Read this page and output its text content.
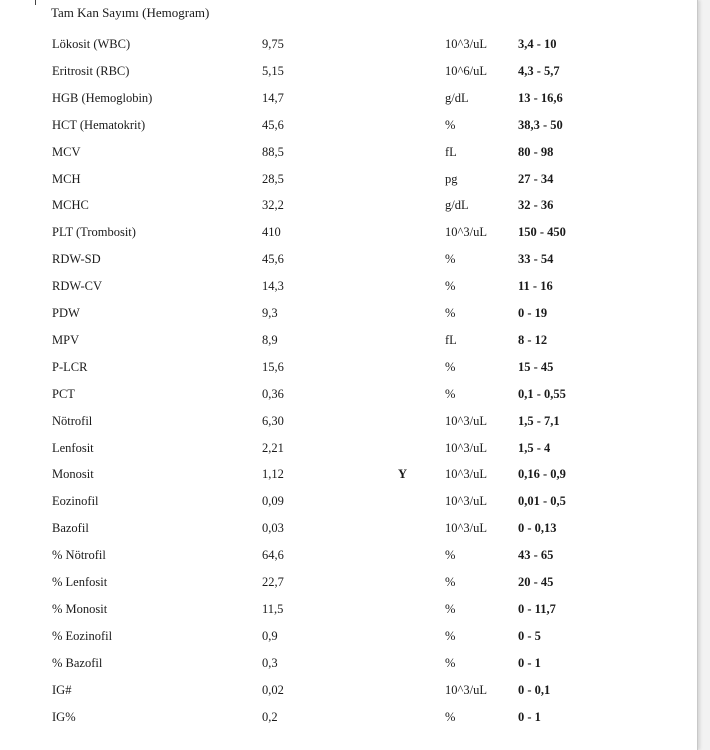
Tam Kan Sayımı (Hemogram)
Lökosit (WBC)	9,75	10^3/uL 3,4 - 10
Eritrosit (RBC)	5,15	10^6/uL 4,3 - 5,7
HGB (Hemoglobin)	14,7	g/dL	13 - 16,6
HCT (Hematokrit)	45,6	%	38,3 - 50
MCV	88,5	fL	80 - 98
MCH	28,5	pg	27 - 34
MCHC	32,2	g/dL	32 - 36
PLT (Trombosit)	410	10^3/uL 150 - 450
RDW-SD	45,6	%	33 - 54
RDW-CV	14,3	%	11 - 16
PDW	9,3	%	0 - 19
MPV	8,9	fL	8 - 12
P-LCR	15,6	%	15 - 45
PCT	0,36	%	0,1 - 0,55
Nötrofil	6,30	10^3/uL 1,5 - 7,1
Lenfosit	2,21	10^3/uL 1,5 - 4
Monosit	1,12	Y	10^3/uL 0,16 - 0,9
Eozinofil	0,09	10^3/uL 0,01 - 0,5
Bazofil	0,03	10^3/uL 0 - 0,13
% Nötrofil	64,6	%	43 - 65
% Lenfosit	22,7	%	20 - 45
% Monosit	11,5	%	0 - 11,7
% Eozinofil	0,9	%	0 - 5
% Bazofil	0,3	%	0 - 1
IG#	0,02	10^3/uL 0 - 0,1
IG%	0,2	%	0 - 1
